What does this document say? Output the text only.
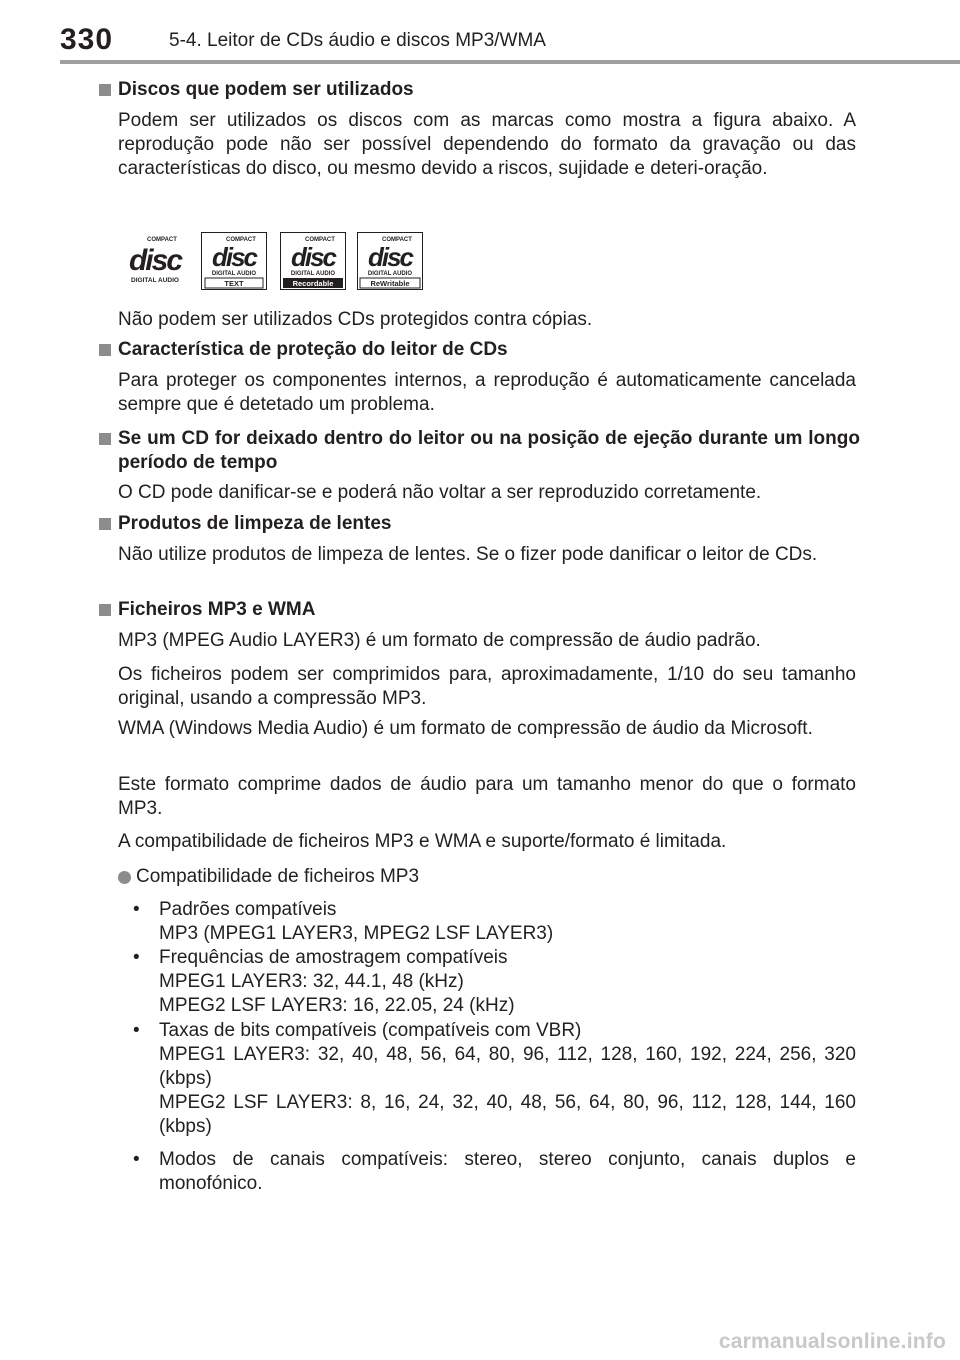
330	5-4. Leitor de CDs áudio e discos MP3/WMA
Discos que podem ser utilizados
Podem ser utilizados os discos com as marcas como mostra a figura abaixo. A reprodução pode não ser possível dependendo do formato da gravação ou das características do disco, ou mesmo devido a riscos, sujidade e deteri-oração.
COMPACT
disc
DIGITAL AUDIO
COMPACT
disc
DIGITAL AUDIO
TEXT
COMPACT
disc
DIGITAL AUDIO
Recordable
COMPACT
disc
DIGITAL AUDIO
ReWritable
Não podem ser utilizados CDs protegidos contra cópias.
Característica de proteção do leitor de CDs
Para proteger os componentes internos, a reprodução é automaticamente cancelada sempre que é detetado um problema.
Se um CD for deixado dentro do leitor ou na posição de ejeção durante um longo período de tempo
O CD pode danificar-se e poderá não voltar a ser reproduzido corretamente.
Produtos de limpeza de lentes
Não utilize produtos de limpeza de lentes. Se o fizer pode danificar o leitor de CDs.
Ficheiros MP3 e WMA
MP3 (MPEG Audio LAYER3) é um formato de compressão de áudio padrão.
Os ficheiros podem ser comprimidos para, aproximadamente, 1/10 do seu tamanho original, usando a compressão MP3.
WMA (Windows Media Audio) é um formato de compressão de áudio da Microsoft.
Este formato comprime dados de áudio para um tamanho menor do que o formato MP3.
A compatibilidade de ficheiros MP3 e WMA e suporte/formato é limitada.
Compatibilidade de ficheiros MP3
• Padrões compatíveis
MP3 (MPEG1 LAYER3, MPEG2 LSF LAYER3)
• Frequências de amostragem compatíveis
MPEG1 LAYER3: 32, 44.1, 48 (kHz)
MPEG2 LSF LAYER3: 16, 22.05, 24 (kHz)
• Taxas de bits compatíveis (compatíveis com VBR)
MPEG1 LAYER3: 32, 40, 48, 56, 64, 80, 96, 112, 128, 160, 192, 224, 256, 320 (kbps)
MPEG2 LSF LAYER3: 8, 16, 24, 32, 40, 48, 56, 64, 80, 96, 112, 128, 144, 160 (kbps)
• Modos de canais compatíveis: stereo, stereo conjunto, canais duplos e monofónico.
carmanualsonline.info
